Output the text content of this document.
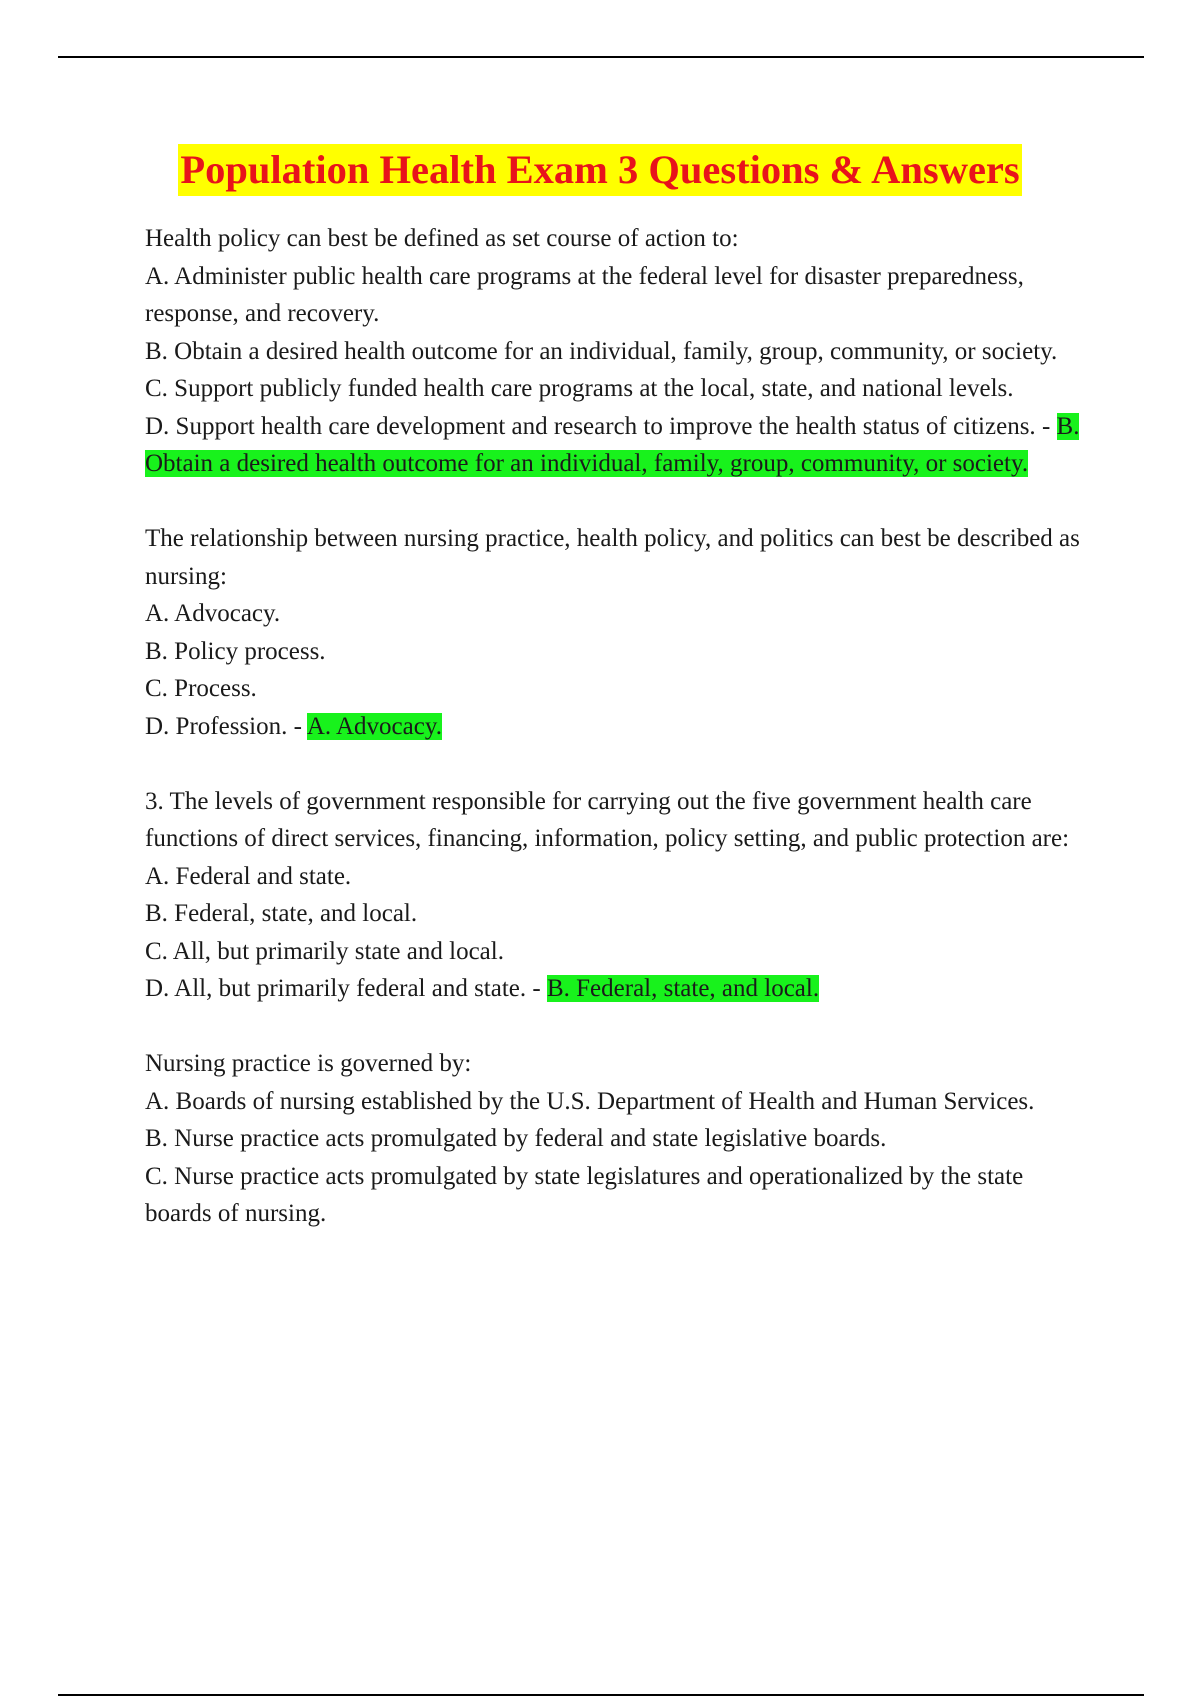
Population Health Exam 3 Questions & Answers
Health policy can best be defined as set course of action to:
A. Administer public health care programs at the federal level for disaster preparedness, response, and recovery.
B. Obtain a desired health outcome for an individual, family, group, community, or society.
C. Support publicly funded health care programs at the local, state, and national levels.
D. Support health care development and research to improve the health status of citizens. - B. Obtain a desired health outcome for an individual, family, group, community, or society.
The relationship between nursing practice, health policy, and politics can best be described as nursing:
A. Advocacy.
B. Policy process.
C. Process.
D. Profession. - A. Advocacy.
3. The levels of government responsible for carrying out the five government health care functions of direct services, financing, information, policy setting, and public protection are:
A. Federal and state.
B. Federal, state, and local.
C. All, but primarily state and local.
D. All, but primarily federal and state. - B. Federal, state, and local.
Nursing practice is governed by:
A. Boards of nursing established by the U.S. Department of Health and Human Services.
B. Nurse practice acts promulgated by federal and state legislative boards.
C. Nurse practice acts promulgated by state legislatures and operationalized by the state boards of nursing.
